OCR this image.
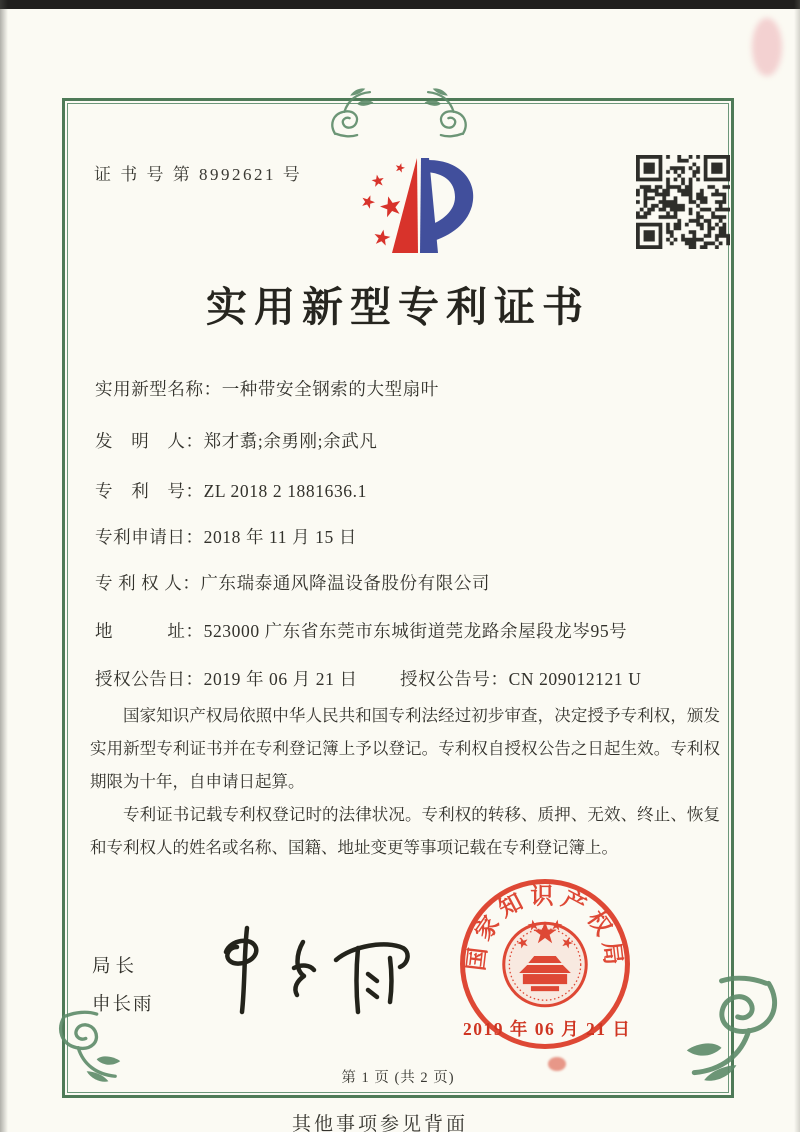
证 书 号 第 8992621 号
实用新型专利证书
实用新型名称：一种带安全钢索的大型扇叶
发　明　人：郑才翥;余勇刚;余武凡
专　利　号：ZL 2018 2 1881636.1
专利申请日：2018 年 11 月 15 日
专 利 权 人：广东瑞泰通风降温设备股份有限公司
地　　　址：523000 广东省东莞市东城街道莞龙路余屋段龙岑95号
授权公告日：2019 年 06 月 21 日 授权公告号：CN 209012121 U

国家知识产权局依照中华人民共和国专利法经过初步审查，决定授予专利权，颁发实用新型专利证书并在专利登记簿上予以登记。专利权自授权公告之日起生效。专利权期限为十年，自申请日起算。

专利证书记载专利权登记时的法律状况。专利权的转移、质押、无效、终止、恢复和专利权人的姓名或名称、国籍、地址变更等事项记载在专利登记簿上。

局长
申长雨
国家知识产权局
2019 年 06 月 21 日
第 1 页 (共 2 页)
其他事项参见背面
